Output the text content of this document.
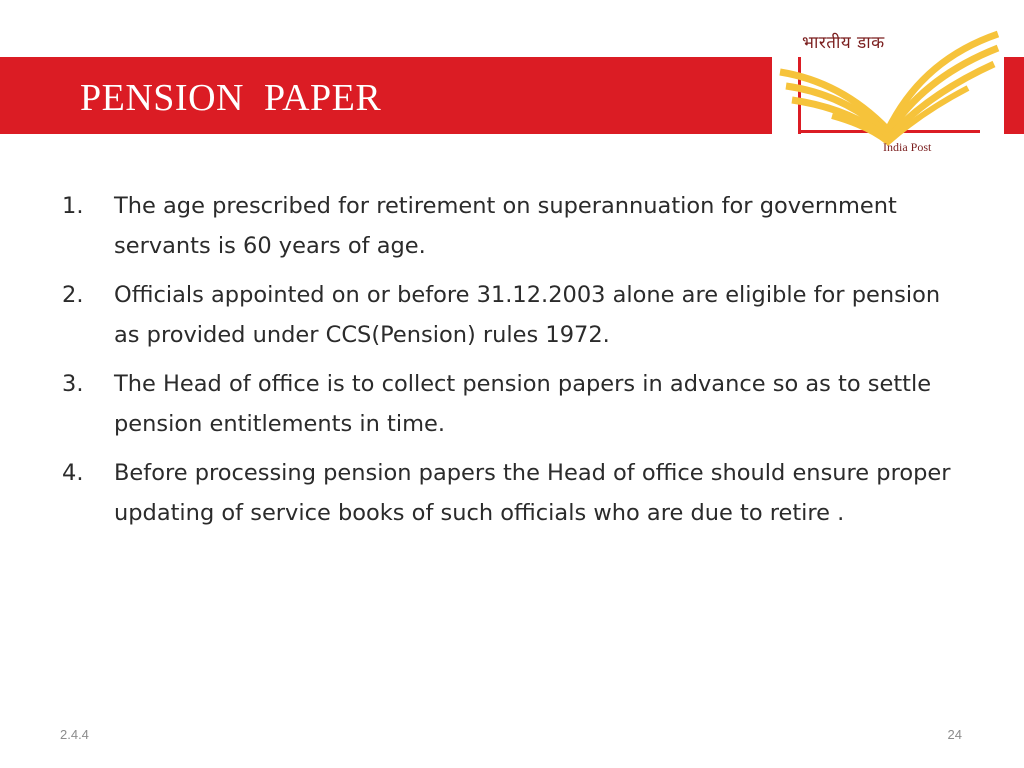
PENSION  PAPER
भारतीय डाक
India Post
1. The age prescribed for retirement on superannuation for government servants is 60 years of age.
2. Officials appointed on or before 31.12.2003 alone are eligible for pension as provided under CCS(Pension) rules 1972.
3. The Head of office is to collect pension papers in advance so as to settle pension entitlements in time.
4. Before processing pension papers the Head of office should ensure proper updating of service books of such officials who are due to retire .
2.4.4	24
